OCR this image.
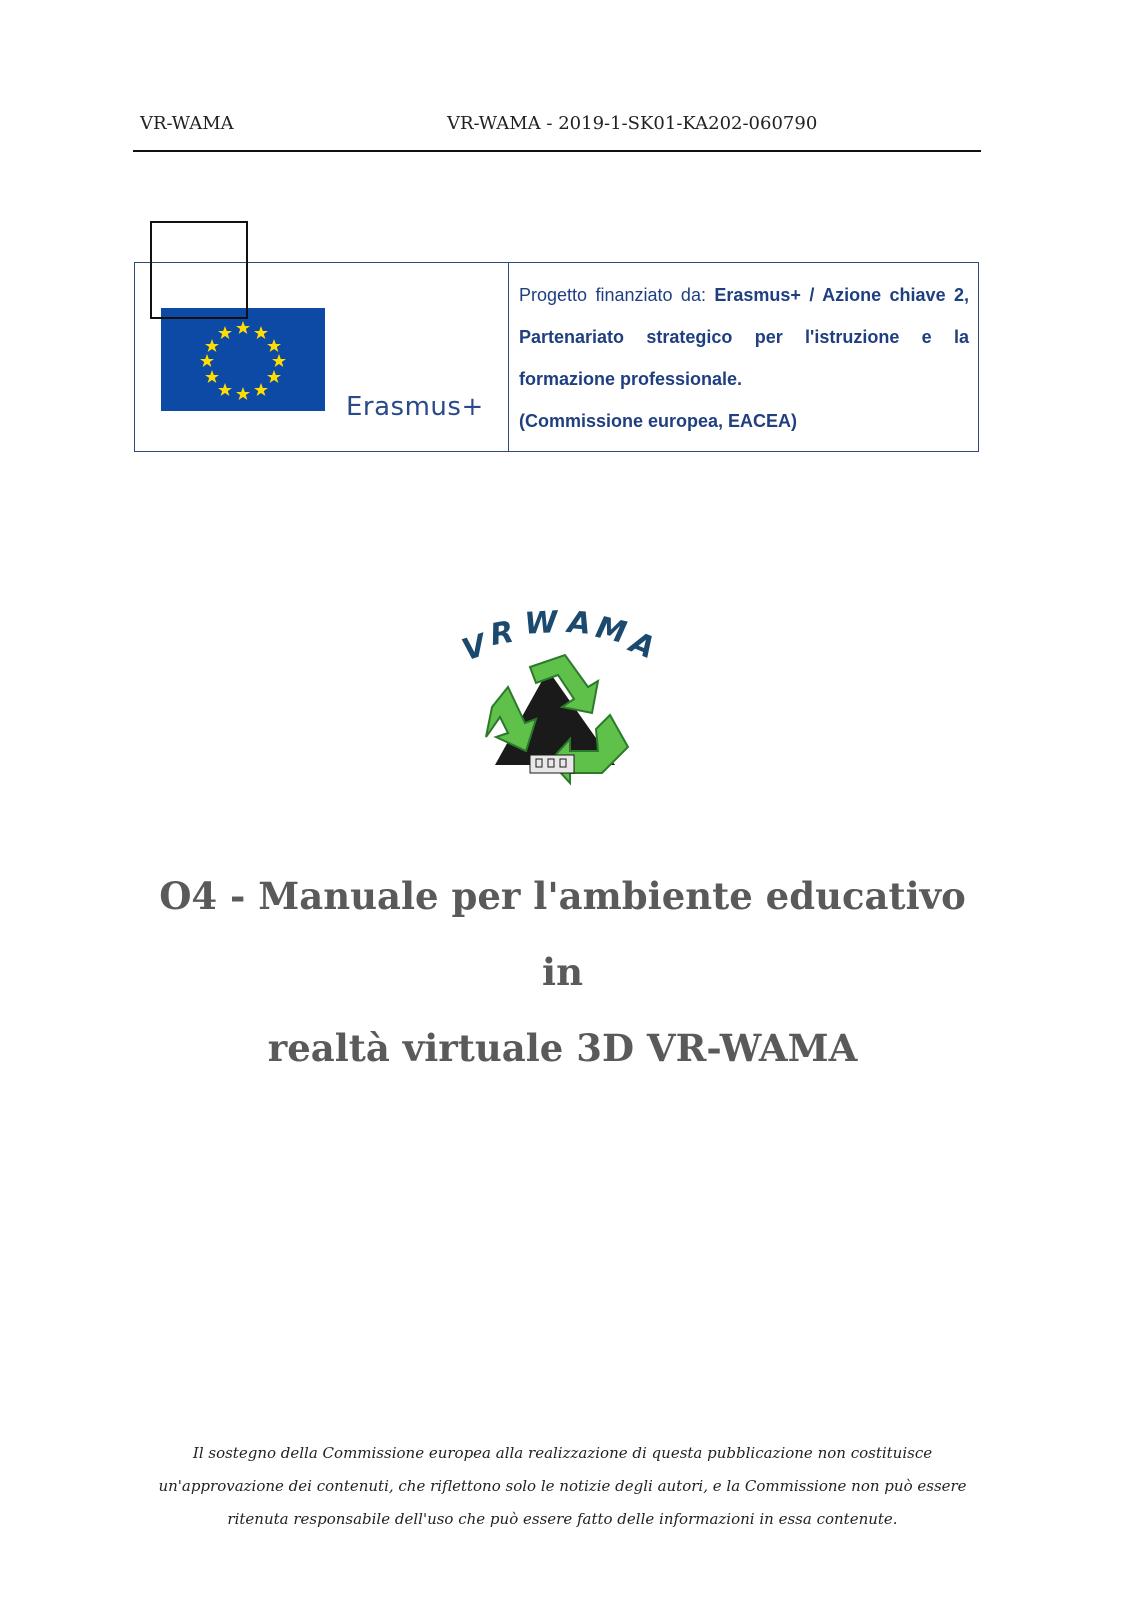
VR-WAMA	VR-WAMA - 2019-1-SK01-KA202-060790
Erasmus+
Progetto finanziato da: Erasmus+ / Azione chiave 2, Partenariato strategico per l'istruzione e la formazione professionale.
(Commissione europea, EACEA)
V
R W A M
A
O4 - Manuale per l'ambiente educativo in
realtà virtuale 3D VR-WAMA
Il sostegno della Commissione europea alla realizzazione di questa pubblicazione non costituisce
un'approvazione dei contenuti, che riflettono solo le notizie degli autori, e la Commissione non può essere
ritenuta responsabile dell'uso che può essere fatto delle informazioni in essa contenute.
